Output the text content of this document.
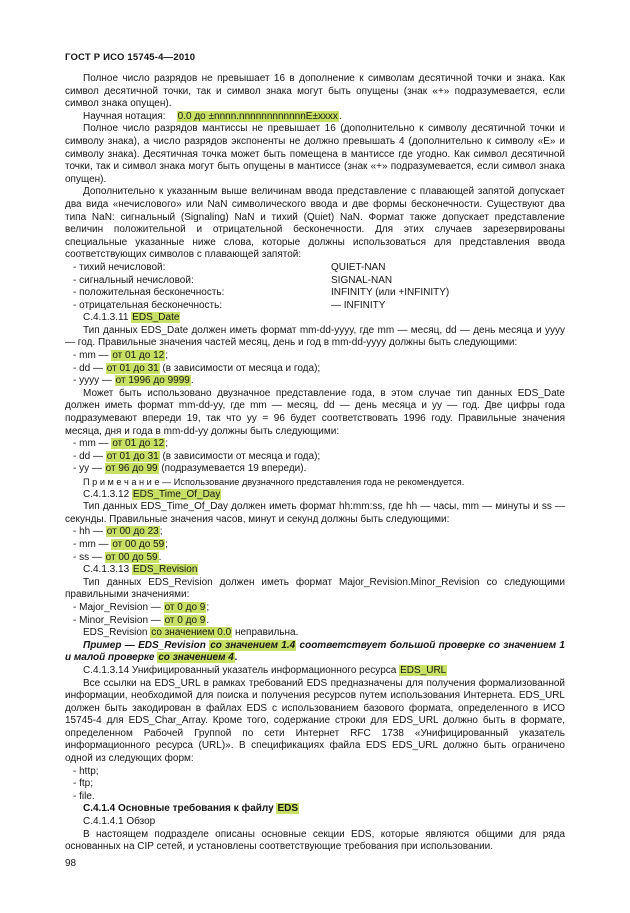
ГОСТ Р ИСО 15745-4—2010

Полное число разрядов не превышает 16 в дополнение к символам десятичной точки и знака. Как символ десятичной точки, так и символ знака могут быть опущены (знак «+» подразумевается, если символ знака опущен).

Научная нотация:    0.0 до ±nnnn.nnnnnnnnnnnnE±xxxx.

Полное число разрядов мантиссы не превышает 16 (дополнительно к символу десятичной точки и символу знака), а число разрядов экспоненты не должно превышать 4 (дополнительно к символу «Е» и символу знака). Десятичная точка может быть помещена в мантиссе где угодно. Как символ десятичной точки, так и символ знака могут быть опущены в мантиссе (знак «+» подразумевается, если символ знака опущен).

Дополнительно к указанным выше величинам ввода представление с плавающей запятой допускает два вида «нечислового» или NaN символического ввода и две формы бесконечности. Существуют два типа NaN: сигнальный (Signaling) NaN и тихий (Quiet) NaN. Формат также допускает представление величин положительной и отрицательной бесконечности. Для этих случаев зарезервированы специальные указанные ниже слова, которые должны использоваться для представления ввода соответствующих символов с плавающей запятой:

- тихий нечисловой:	QUIET-NAN
- сигнальный нечисловой:	SIGNAL-NAN
- положительная бесконечность:	INFINITY (или +INFINITY)
- отрицательная бесконечность:	— INFINITY

С.4.1.3.11 EDS_Date

Тип данных EDS_Date должен иметь формат mm-dd-yyyy, где mm — месяц, dd — день месяца и yyyy — год. Правильные значения частей месяц, день и год в mm-dd-yyyy должны быть следующими:

- mm — от 01 до 12;

- dd — от 01 до 31 (в зависимости от месяца и года);

- yyyy — от 1996 до 9999.

Может быть использовано двузначное представление года, в этом случае тип данных EDS_Date должен иметь формат mm-dd-yy, где mm — месяц, dd — день месяца и yy — год. Две цифры года подразумевают впереди 19, так что yy = 96 будет соответствовать 1996 году. Правильные значения месяца, дня и года в mm-dd-yy должны быть следующими:

- mm — от 01 до 12;

- dd — от 01 до 31 (в зависимости от месяца и года);

- yy — от 96 до 99 (подразумевается 19 впереди).

П р и м е ч а н и е — Использование двузначного представления года не рекомендуется.

С.4.1.3.12 EDS_Time_Of_Day

Тип данных EDS_Time_Of_Day должен иметь формат hh:mm:ss, где hh — часы, mm — минуты и ss — секунды. Правильные значения часов, минут и секунд должны быть следующими:

- hh — от 00 до 23;

- mm — от 00 до 59;

- ss — от 00 до 59.

С.4.1.3.13 EDS_Revision

Тип данных EDS_Revision должен иметь формат Major_Revision.Minor_Revision со следующими правильными значениями:

- Major_Revision — от 0 до 9;

- Minor_Revision — от 0 до 9.

EDS_Revision со значением 0.0 неправильна.

Пример — EDS_Revision со значением 1.4 соответствует большой проверке со значением 1 и малой проверке со значением 4.

С.4.1.3.14 Унифицированный указатель информационного ресурса EDS_URL

Все ссылки на EDS_URL в рамках требований EDS предназначены для получения формализованной информации, необходимой для поиска и получения ресурсов путем использования Интернета. EDS_URL должен быть закодирован в файлах EDS с использованием базового формата, определенного в ИСО 15745-4 для EDS_Char_Array. Кроме того, содержание строки для EDS_URL должно быть в формате, определенном Рабочей Группой по сети Интернет RFC 1738 «Унифицированный указатель информационного ресурса (URL)». В спецификациях файла EDS EDS_URL должно быть ограничено одной из следующих форм:

- http;

- ftp;

- file.

С.4.1.4 Основные требования к файлу EDS

С.4.1.4.1 Обзор

В настоящем подразделе описаны основные секции EDS, которые являются общими для ряда основанных на CIP сетей, и установлены соответствующие требования при использовании.

98
